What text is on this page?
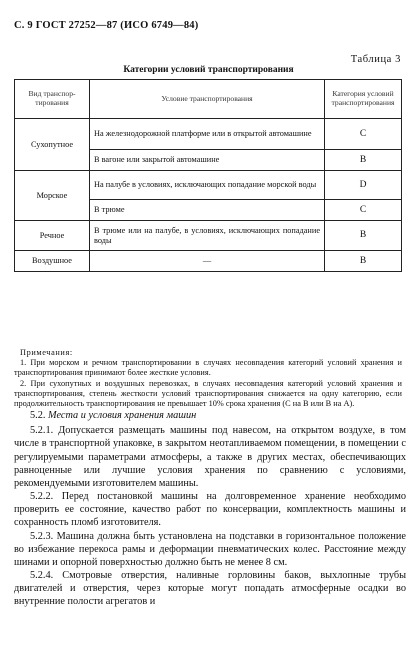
С. 9 ГОСТ 27252—87 (ИСО 6749—84)
Таблица 3
Категории условий транспортирования
Вид транспор-тирования	Условие транспортирования	Категория условий транспортирования
Сухопутное	На железнодорожной платформе или в открытой автомашине	С
	В вагоне или закрытой автомашине	В
Морское	На палубе в условиях, исключающих попадание морской воды	D
	В трюме	С
Речное	В трюме или на палубе, в условиях, исключающих попадание воды	В
Воздушное	—	В

Примечания:

1. При морском и речном транспортировании в случаях несовпадения категорий условий хранения и транспортирования принимают более жесткие условия.

2. При сухопутных и воздушных перевозках, в случаях несовпадения категорий условий хранения и транспортирования, степень жесткости условий транспортирования снижается на одну категорию, если продолжительность транспортирования не превышает 10% срока хранения (С на В или В на А).

5.2. Места и условия хранения машин

5.2.1. Допускается размещать машины под навесом, на открытом воздухе, в том числе в транспортной упаковке, в закрытом неотапливаемом помещении, в помещении с регулируемыми параметрами атмосферы, а также в других местах, обеспечивающих равноценные или лучшие условия хранения по сравнению с условиями, рекомендуемыми изготовителем машины.

5.2.2. Перед постановкой машины на долговременное хранение необходимо проверить ее состояние, качество работ по консервации, комплектность машины и сохранность пломб изготовителя.

5.2.3. Машина должна быть установлена на подставки в горизонтальное положение во избежание перекоса рамы и деформации пневматических колес. Расстояние между шинами и опорной поверхностью должно быть не менее 8 см.

5.2.4. Смотровые отверстия, наливные горловины баков, выхлопные трубы двигателей и отверстия, через которые могут попадать атмосферные осадки во внутренние полости агрегатов и
